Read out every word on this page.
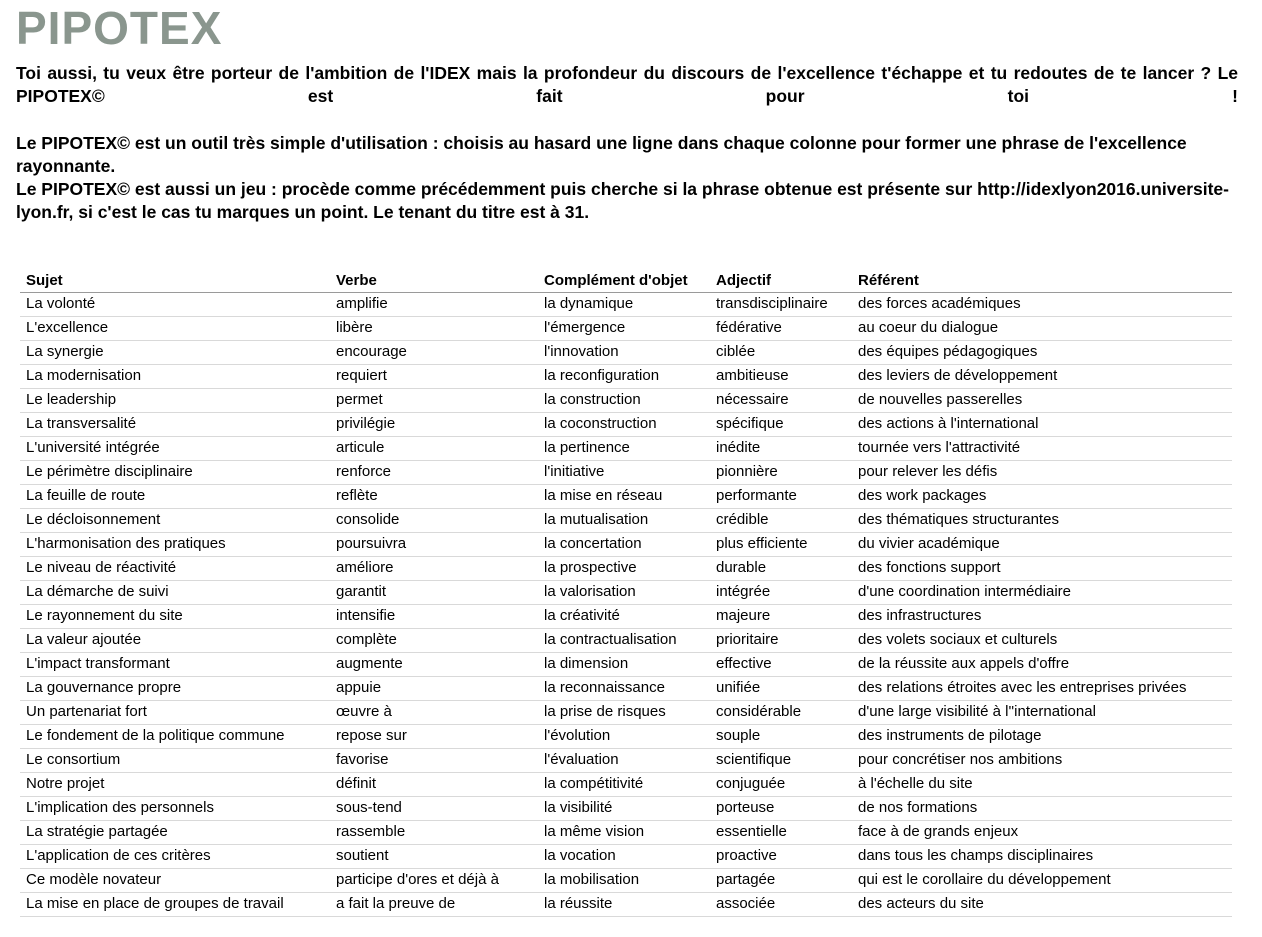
PIPOTEX

Toi aussi, tu veux être porteur de l'ambition de l'IDEX mais la profondeur du discours de l'excellence t'échappe et tu redoutes de te lancer ? Le PIPOTEX© est fait pour toi !

Le PIPOTEX© est un outil très simple d'utilisation : choisis au hasard une ligne dans chaque colonne pour former une phrase de l'excellence rayonnante.

Le PIPOTEX© est aussi un jeu : procède comme précédemment puis cherche si la phrase obtenue est présente sur http://idexlyon2016.universite-lyon.fr, si c'est le cas tu marques un point. Le tenant du titre est à 31.

Sujet	Verbe	Complément d'objet	Adjectif	Référent
La volonté	amplifie	la dynamique	transdisciplinaire	des forces académiques
L'excellence	libère	l'émergence	fédérative	au coeur du dialogue
La synergie	encourage	l'innovation	ciblée	des équipes pédagogiques
La modernisation	requiert	la reconfiguration	ambitieuse	des leviers de développement
Le leadership	permet	la construction	nécessaire	de nouvelles passerelles
La transversalité	privilégie	la coconstruction	spécifique	des actions à l'international
L'université intégrée	articule	la pertinence	inédite	tournée vers l'attractivité
Le périmètre disciplinaire	renforce	l'initiative	pionnière	pour relever les défis
La feuille de route	reflète	la mise en réseau	performante	des work packages
Le décloisonnement	consolide	la mutualisation	crédible	des thématiques structurantes
L'harmonisation des pratiques	poursuivra	la concertation	plus efficiente	du vivier académique
Le niveau de réactivité	améliore	la prospective	durable	des fonctions support
La démarche de suivi	garantit	la valorisation	intégrée	d'une coordination intermédiaire
Le rayonnement du site	intensifie	la créativité	majeure	des infrastructures
La valeur ajoutée	complète	la contractualisation	prioritaire	des volets sociaux et culturels
L'impact transformant	augmente	la dimension	effective	de la réussite aux appels d'offre
La gouvernance propre	appuie	la reconnaissance	unifiée	des relations étroites avec les entreprises privées
Un partenariat fort	œuvre à	la prise de risques	considérable	d'une large visibilité à l''international
Le fondement de la politique commune	repose sur	l'évolution	souple	des instruments de pilotage
Le consortium	favorise	l'évaluation	scientifique	pour concrétiser nos ambitions
Notre projet	définit	la compétitivité	conjuguée	à l'échelle du site
L'implication des personnels	sous-tend	la visibilité	porteuse	de nos formations
La stratégie partagée	rassemble	la même vision	essentielle	face à de grands enjeux
L'application de ces critères	soutient	la vocation	proactive	dans tous les champs disciplinaires
Ce modèle novateur	participe d'ores et déjà à	la mobilisation	partagée	qui est le corollaire du développement
La mise en place de groupes de travail	a fait la preuve de	la réussite	associée	des acteurs du site
